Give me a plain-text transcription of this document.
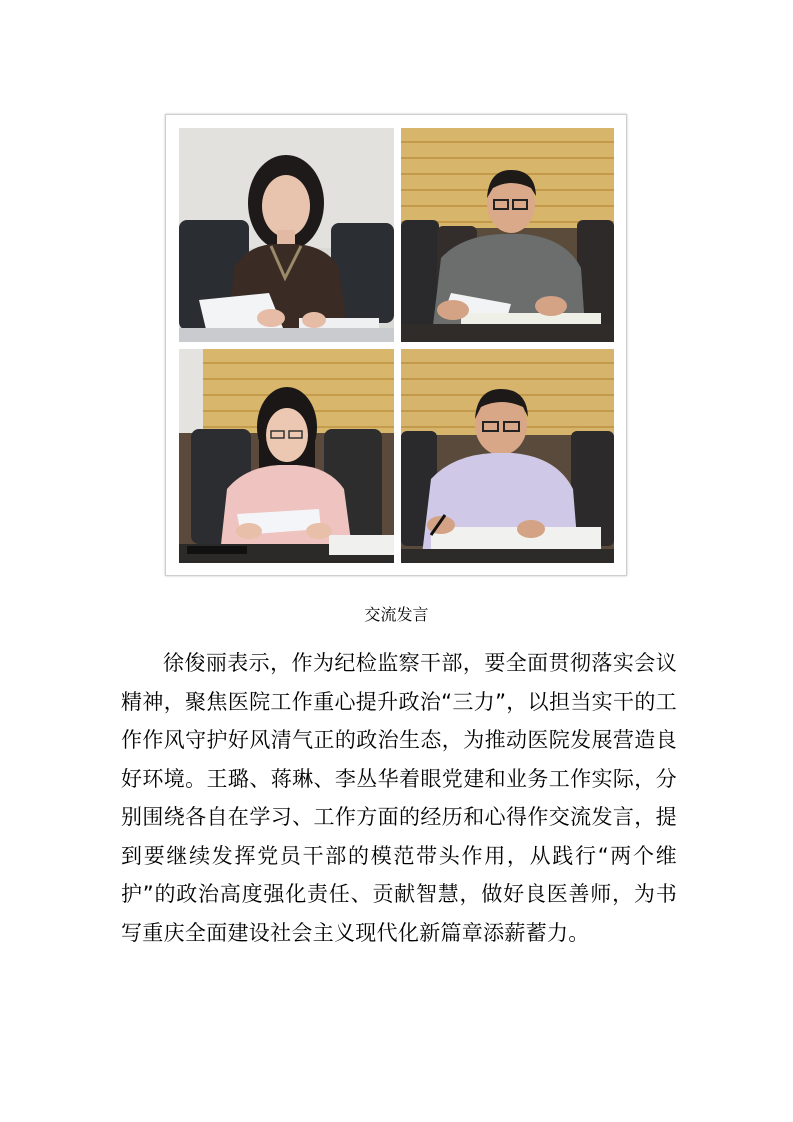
交流发言

徐俊丽表示，作为纪检监察干部，要全面贯彻落实会议精神，聚焦医院工作重心提升政治“三力”，以担当实干的工作作风守护好风清气正的政治生态，为推动医院发展营造良好环境。王璐、蒋琳、李丛华着眼党建和业务工作实际，分别围绕各自在学习、工作方面的经历和心得作交流发言，提到要继续发挥党员干部的模范带头作用，从践行“两个维护”的政治高度强化责任、贡献智慧，做好良医善师，为书写重庆全面建设社会主义现代化新篇章添薪蓄力。
